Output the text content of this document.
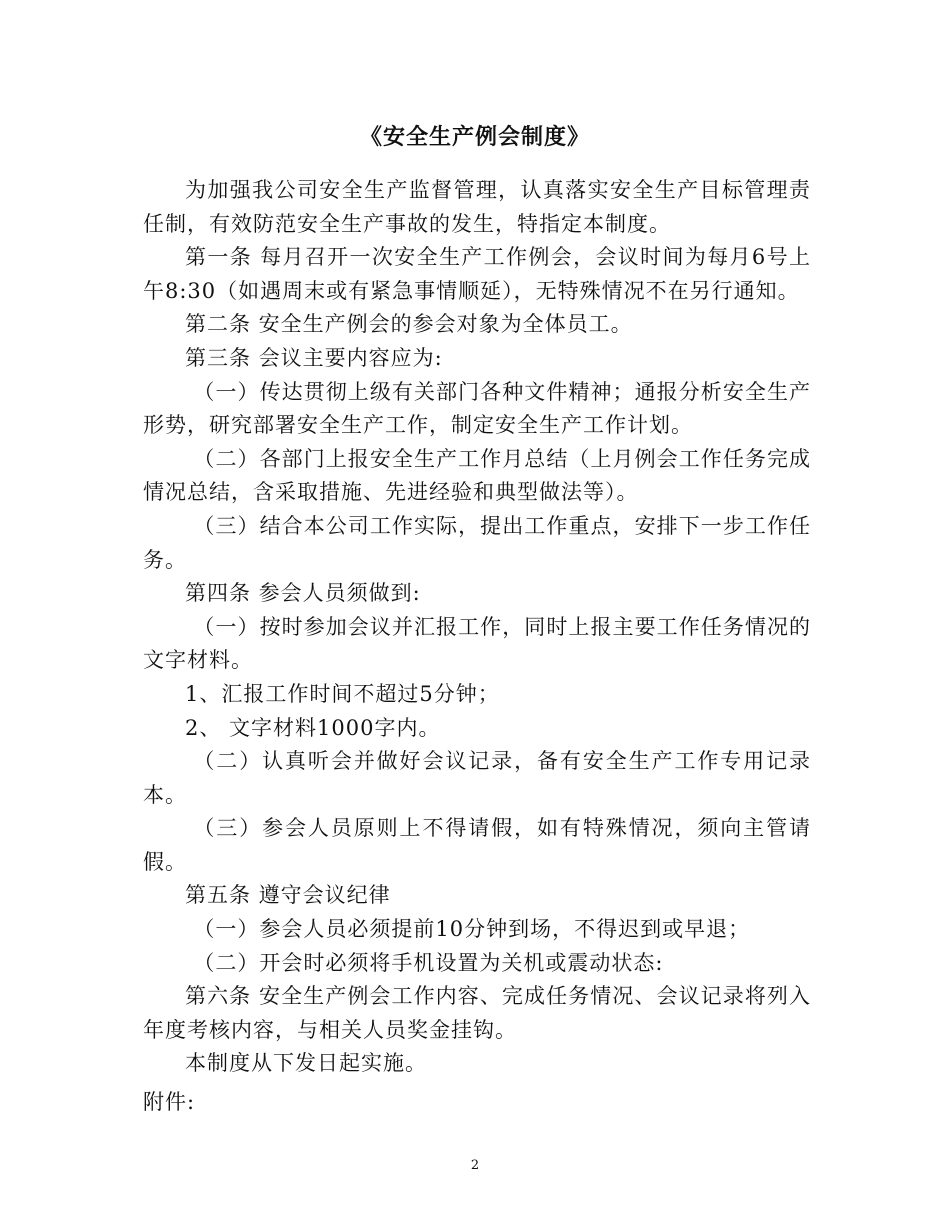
《安全生产例会制度》

为加强我公司安全生产监督管理，认真落实安全生产目标管理责任制，有效防范安全生产事故的发生，特指定本制度。

第一条 每月召开一次安全生产工作例会，会议时间为每月6号上午8:30（如遇周末或有紧急事情顺延），无特殊情况不在另行通知。

第二条 安全生产例会的参会对象为全体员工。

第三条 会议主要内容应为:

（一）传达贯彻上级有关部门各种文件精神；通报分析安全生产形势，研究部署安全生产工作，制定安全生产工作计划。

（二）各部门上报安全生产工作月总结（上月例会工作任务完成情况总结，含采取措施、先进经验和典型做法等）。

（三）结合本公司工作实际，提出工作重点，安排下一步工作任务。

第四条 参会人员须做到:

（一）按时参加会议并汇报工作，同时上报主要工作任务情况的文字材料。

1、汇报工作时间不超过5分钟；

2、 文字材料1000字内。

（二）认真听会并做好会议记录，备有安全生产工作专用记录本。

（三）参会人员原则上不得请假，如有特殊情况，须向主管请假。

第五条 遵守会议纪律

（一）参会人员必须提前10分钟到场，不得迟到或早退；

（二）开会时必须将手机设置为关机或震动状态:

第六条 安全生产例会工作内容、完成任务情况、会议记录将列入年度考核内容，与相关人员奖金挂钩。

本制度从下发日起实施。

附件:
2
